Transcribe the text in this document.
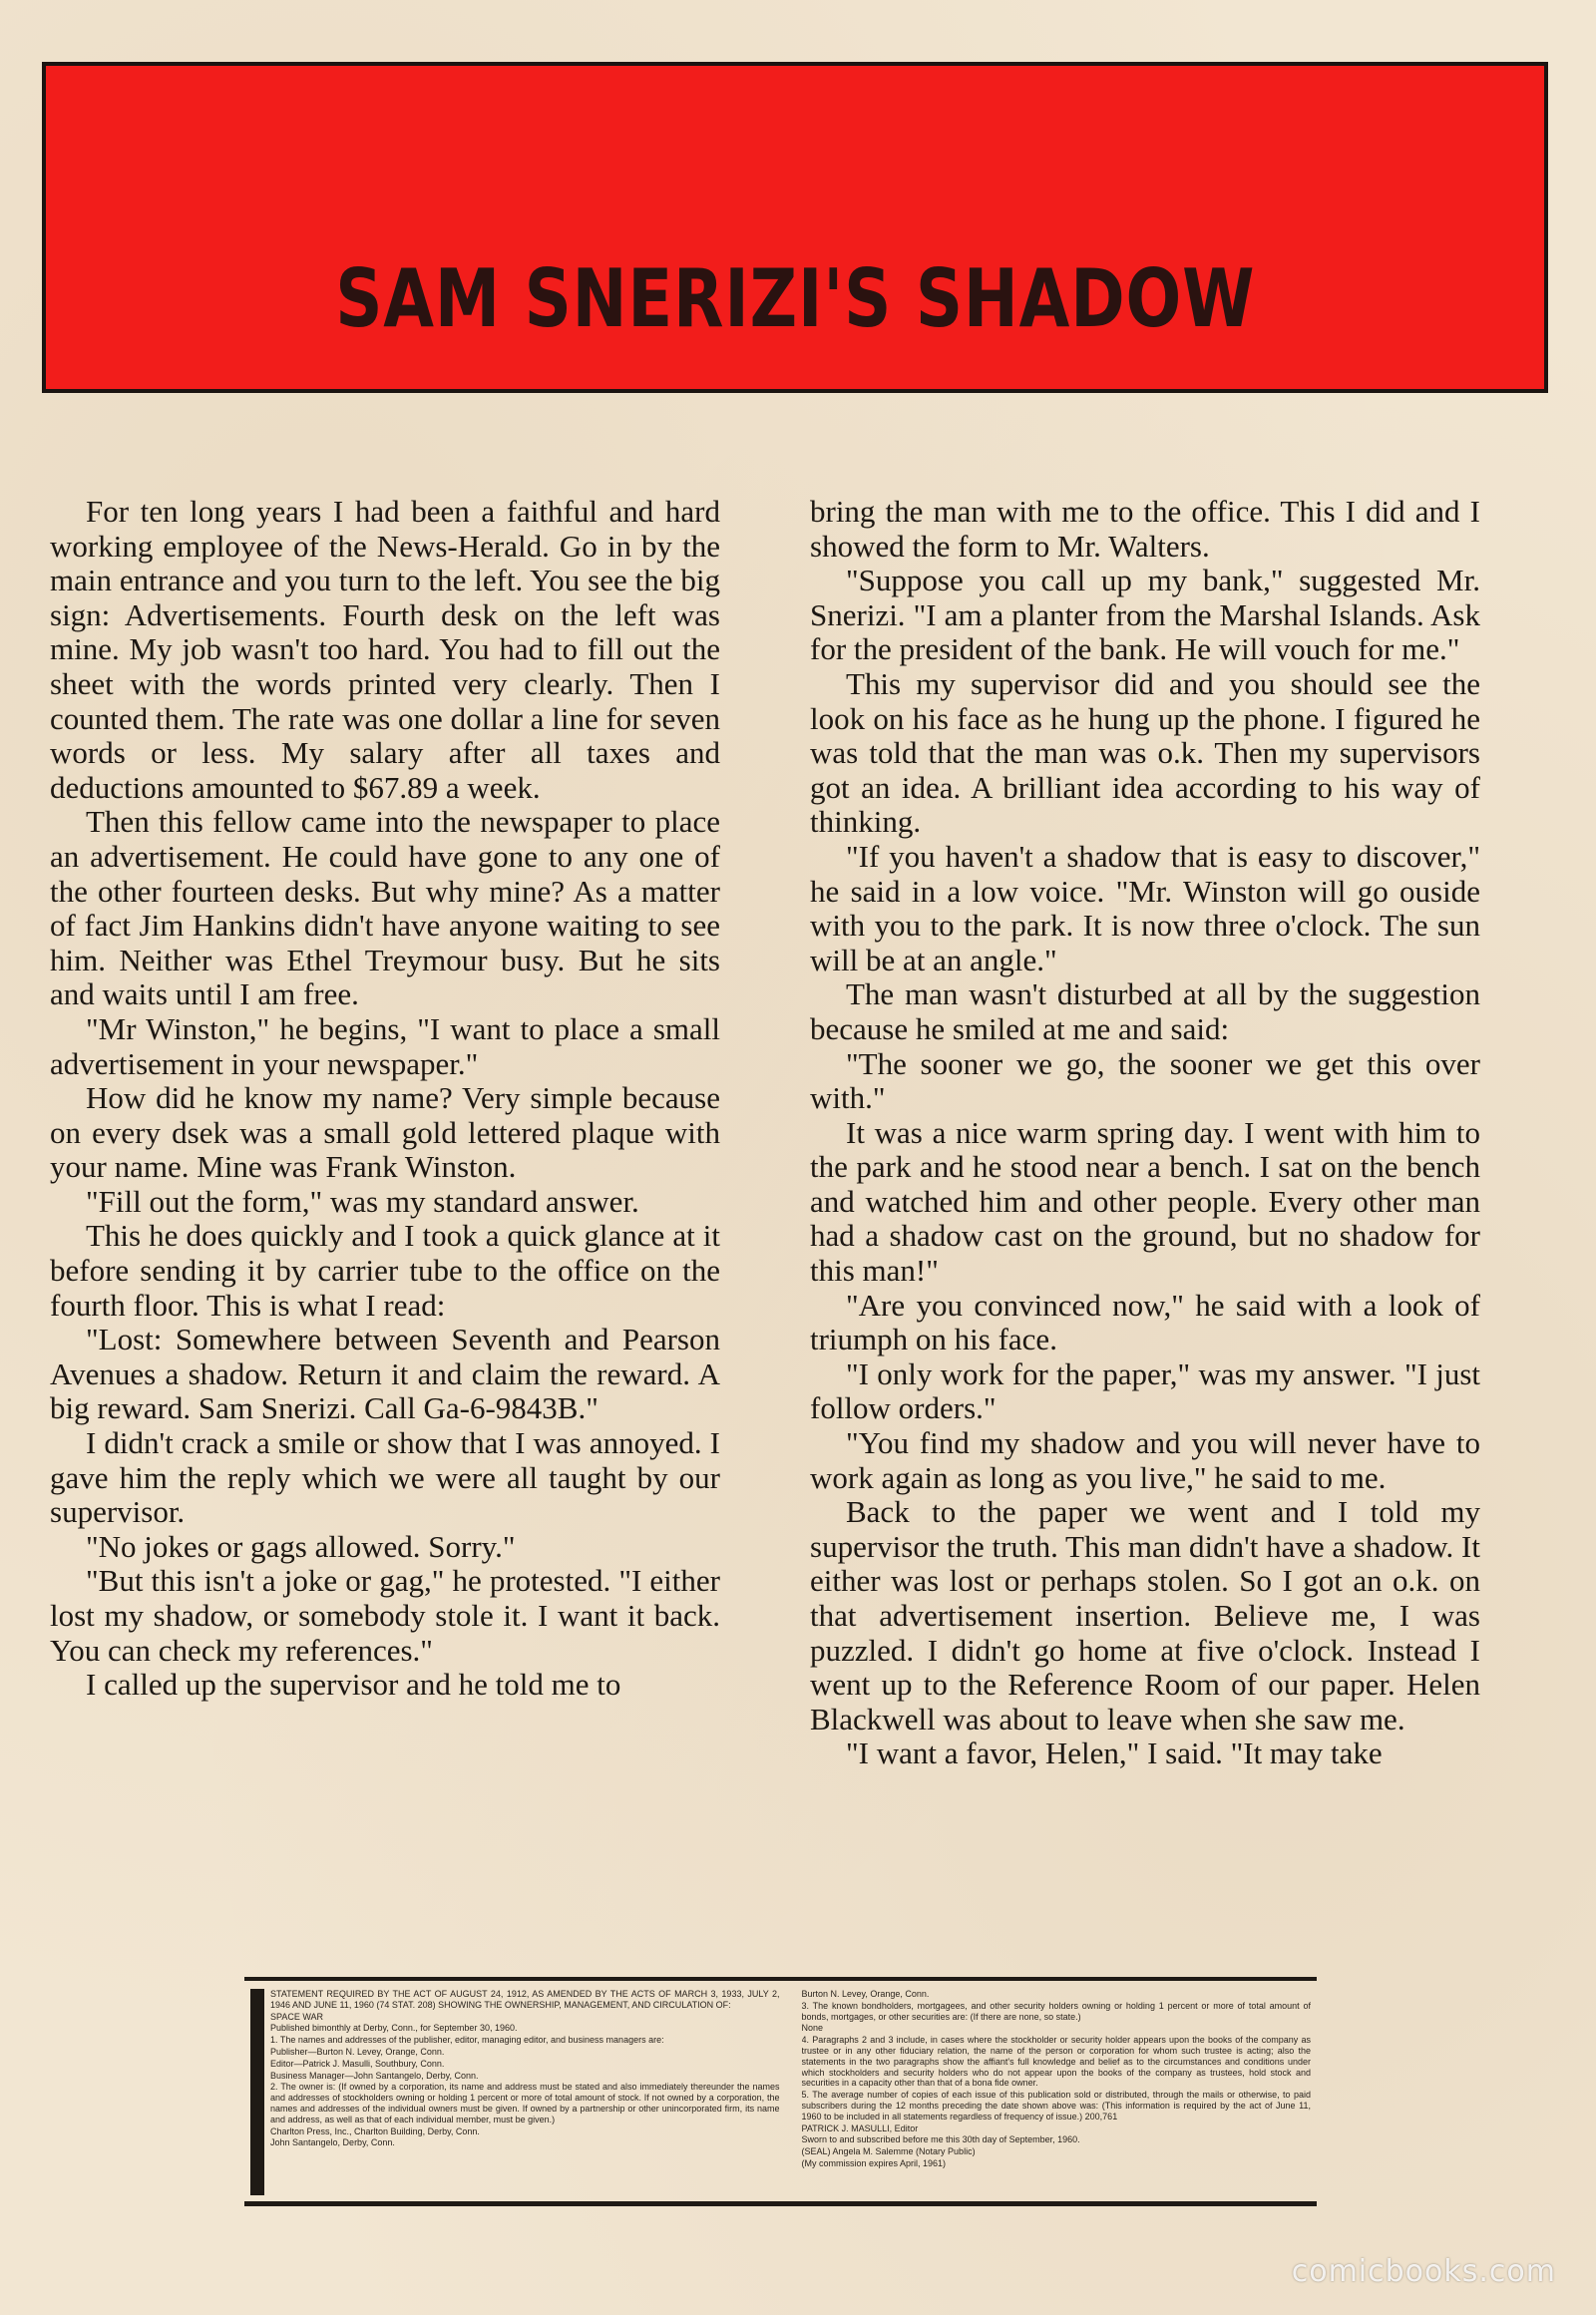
SAM SNERIZI'S SHADOW

For ten long years I had been a faithful and hard working employee of the News-Herald. Go in by the main entrance and you turn to the left. You see the big sign: Advertisements. Fourth desk on the left was mine. My job wasn't too hard. You had to fill out the sheet with the words printed very clearly. Then I counted them. The rate was one dollar a line for seven words or less. My salary after all taxes and deductions amounted to $67.89 a week.

Then this fellow came into the newspaper to place an advertisement. He could have gone to any one of the other fourteen desks. But why mine? As a matter of fact Jim Hankins didn't have anyone waiting to see him. Neither was Ethel Treymour busy. But he sits and waits until I am free.

"Mr Winston," he begins, "I want to place a small advertisement in your newspaper."

How did he know my name? Very simple because on every dsek was a small gold lettered plaque with your name. Mine was Frank Winston.

"Fill out the form," was my standard answer.

This he does quickly and I took a quick glance at it before sending it by carrier tube to the office on the fourth floor. This is what I read:

"Lost: Somewhere between Seventh and Pearson Avenues a shadow. Return it and claim the reward. A big reward. Sam Snerizi. Call Ga-6-9843B."

I didn't crack a smile or show that I was annoyed. I gave him the reply which we were all taught by our supervisor.

"No jokes or gags allowed. Sorry."

"But this isn't a joke or gag," he protested. "I either lost my shadow, or somebody stole it. I want it back. You can check my references."

I called up the supervisor and he told me to

bring the man with me to the office. This I did and I showed the form to Mr. Walters.

"Suppose you call up my bank," suggested Mr. Snerizi. "I am a planter from the Marshal Islands. Ask for the president of the bank. He will vouch for me."

This my supervisor did and you should see the look on his face as he hung up the phone. I figured he was told that the man was o.k. Then my supervisors got an idea. A brilliant idea according to his way of thinking.

"If you haven't a shadow that is easy to discover," he said in a low voice. "Mr. Winston will go ouside with you to the park. It is now three o'clock. The sun will be at an angle."

The man wasn't disturbed at all by the suggestion because he smiled at me and said:

"The sooner we go, the sooner we get this over with."

It was a nice warm spring day. I went with him to the park and he stood near a bench. I sat on the bench and watched him and other people. Every other man had a shadow cast on the ground, but no shadow for this man!"

"Are you convinced now," he said with a look of triumph on his face.

"I only work for the paper," was my answer. "I just follow orders."

"You find my shadow and you will never have to work again as long as you live," he said to me.

Back to the paper we went and I told my supervisor the truth. This man didn't have a shadow. It either was lost or perhaps stolen. So I got an o.k. on that advertisement insertion. Believe me, I was puzzled. I didn't go home at five o'clock. Instead I went up to the Reference Room of our paper. Helen Blackwell was about to leave when she saw me.

"I want a favor, Helen," I said. "It may take

STATEMENT REQUIRED BY THE ACT OF AUGUST 24, 1912, AS AMENDED BY THE ACTS OF MARCH 3, 1933, JULY 2, 1946 AND JUNE 11, 1960 (74 STAT. 208) SHOWING THE OWNERSHIP, MANAGEMENT, AND CIRCULATION OF:

SPACE WAR

Published bimonthly at Derby, Conn., for September 30, 1960.

1. The names and addresses of the publisher, editor, managing editor, and business managers are:

Publisher—Burton N. Levey, Orange, Conn.

Editor—Patrick J. Masulli, Southbury, Conn.

Business Manager—John Santangelo, Derby, Conn.

2. The owner is: (If owned by a corporation, its name and address must be stated and also immediately thereunder the names and addresses of stockholders owning or holding 1 percent or more of total amount of stock. If not owned by a corporation, the names and addresses of the individual owners must be given. If owned by a partnership or other unincorporated firm, its name and address, as well as that of each individual member, must be given.)

Charlton Press, Inc., Charlton Building, Derby, Conn.

John Santangelo, Derby, Conn.

Burton N. Levey, Orange, Conn.

3. The known bondholders, mortgagees, and other security holders owning or holding 1 percent or more of total amount of bonds, mortgages, or other securities are: (If there are none, so state.)

None

4. Paragraphs 2 and 3 include, in cases where the stockholder or security holder appears upon the books of the company as trustee or in any other fiduciary relation, the name of the person or corporation for whom such trustee is acting; also the statements in the two paragraphs show the affiant's full knowledge and belief as to the circumstances and conditions under which stockholders and security holders who do not appear upon the books of the company as trustees, hold stock and securities in a capacity other than that of a bona fide owner.

5. The average number of copies of each issue of this publication sold or distributed, through the mails or otherwise, to paid subscribers during the 12 months preceding the date shown above was: (This information is required by the act of June 11, 1960 to be included in all statements regardless of frequency of issue.) 200,761

PATRICK J. MASULLI, Editor

Sworn to and subscribed before me this 30th day of September, 1960.

(SEAL) Angela M. Salemme (Notary Public)

(My commission expires April, 1961)

comicbooks.com
